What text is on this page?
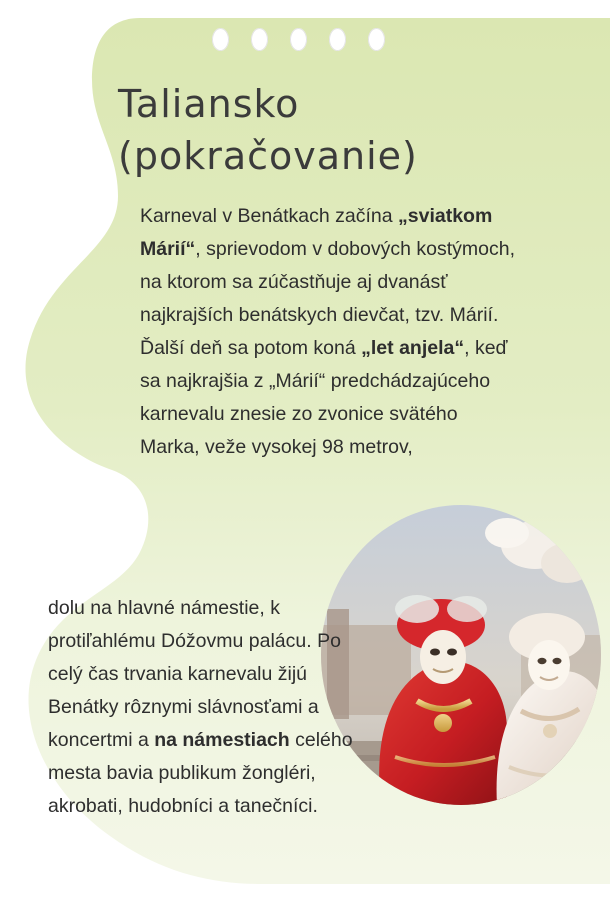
Taliansko
(pokračovanie)

Karneval v Benátkach začína „sviatkom Márií“, sprievodom v dobových kostýmoch, na ktorom sa zúčastňuje aj dvanásť najkrajších benátskych dievčat, tzv. Márií. Ďalší deň sa potom koná „let anjela“, keď sa najkrajšia z „Márií“ predchádzajúceho karnevalu znesie zo zvonice svätého Marka, veže vysokej 98 metrov,

dolu na hlavné námestie, k protiľahlému Dóžovmu palácu. Po celý čas trvania karnevalu žijú Benátky rôznymi slávnosťami a koncertmi a na námestiach celého mesta bavia publikum žongléri, akrobati, hudobníci a tanečníci.
